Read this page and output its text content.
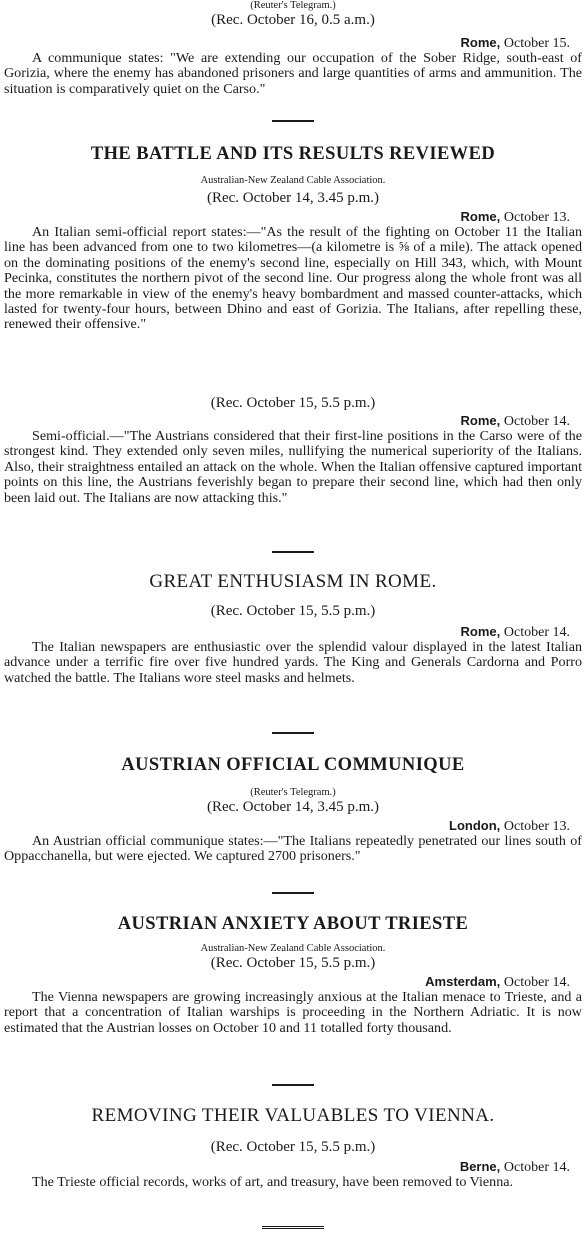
(Reuter's Telegram.)
(Rec. October 16, 0.5 a.m.)
Rome, October 15.

A communique states: "We are extending our occupation of the Sober Ridge, south-east of Gorizia, where the enemy has abandoned prisoners and large quantities of arms and ammunition. The situation is comparatively quiet on the Carso."

THE BATTLE AND ITS RESULTS REVIEWED
Australian-New Zealand Cable Association.
(Rec. October 14, 3.45 p.m.)
Rome, October 13.

An Italian semi-official report states:—"As the result of the fighting on October 11 the Italian line has been advanced from one to two kilometres—(a kilometre is ⅝ of a mile). The attack opened on the dominating positions of the enemy's second line, especially on Hill 343, which, with Mount Pecinka, constitutes the northern pivot of the second line. Our progress along the whole front was all the more remarkable in view of the enemy's heavy bombardment and massed counter-attacks, which lasted for twenty-four hours, between Dhino and east of Gorizia. The Italians, after repelling these, renewed their offensive."

(Rec. October 15, 5.5 p.m.)
Rome, October 14.

Semi-official.—"The Austrians considered that their first-line positions in the Carso were of the strongest kind. They extended only seven miles, nullifying the numerical superiority of the Italians. Also, their straightness entailed an attack on the whole. When the Italian offensive captured important points on this line, the Austrians feverishly began to prepare their second line, which had then only been laid out. The Italians are now attacking this."

GREAT ENTHUSIASM IN ROME.
(Rec. October 15, 5.5 p.m.)
Rome, October 14.

The Italian newspapers are enthusiastic over the splendid valour displayed in the latest Italian advance under a terrific fire over five hundred yards. The King and Generals Cardorna and Porro watched the battle. The Italians wore steel masks and helmets.

AUSTRIAN OFFICIAL COMMUNIQUE
(Reuter's Telegram.)
(Rec. October 14, 3.45 p.m.)
London, October 13.

An Austrian official communique states:—"The Italians repeatedly penetrated our lines south of Oppacchanella, but were ejected. We captured 2700 prisoners."

AUSTRIAN ANXIETY ABOUT TRIESTE
Australian-New Zealand Cable Association.
(Rec. October 15, 5.5 p.m.)
Amsterdam, October 14.

The Vienna newspapers are growing increasingly anxious at the Italian menace to Trieste, and a report that a concentration of Italian warships is proceeding in the Northern Adriatic. It is now estimated that the Austrian losses on October 10 and 11 totalled forty thousand.

REMOVING THEIR VALUABLES TO VIENNA.
(Rec. October 15, 5.5 p.m.)
Berne, October 14.

The Trieste official records, works of art, and treasury, have been removed to Vienna.
